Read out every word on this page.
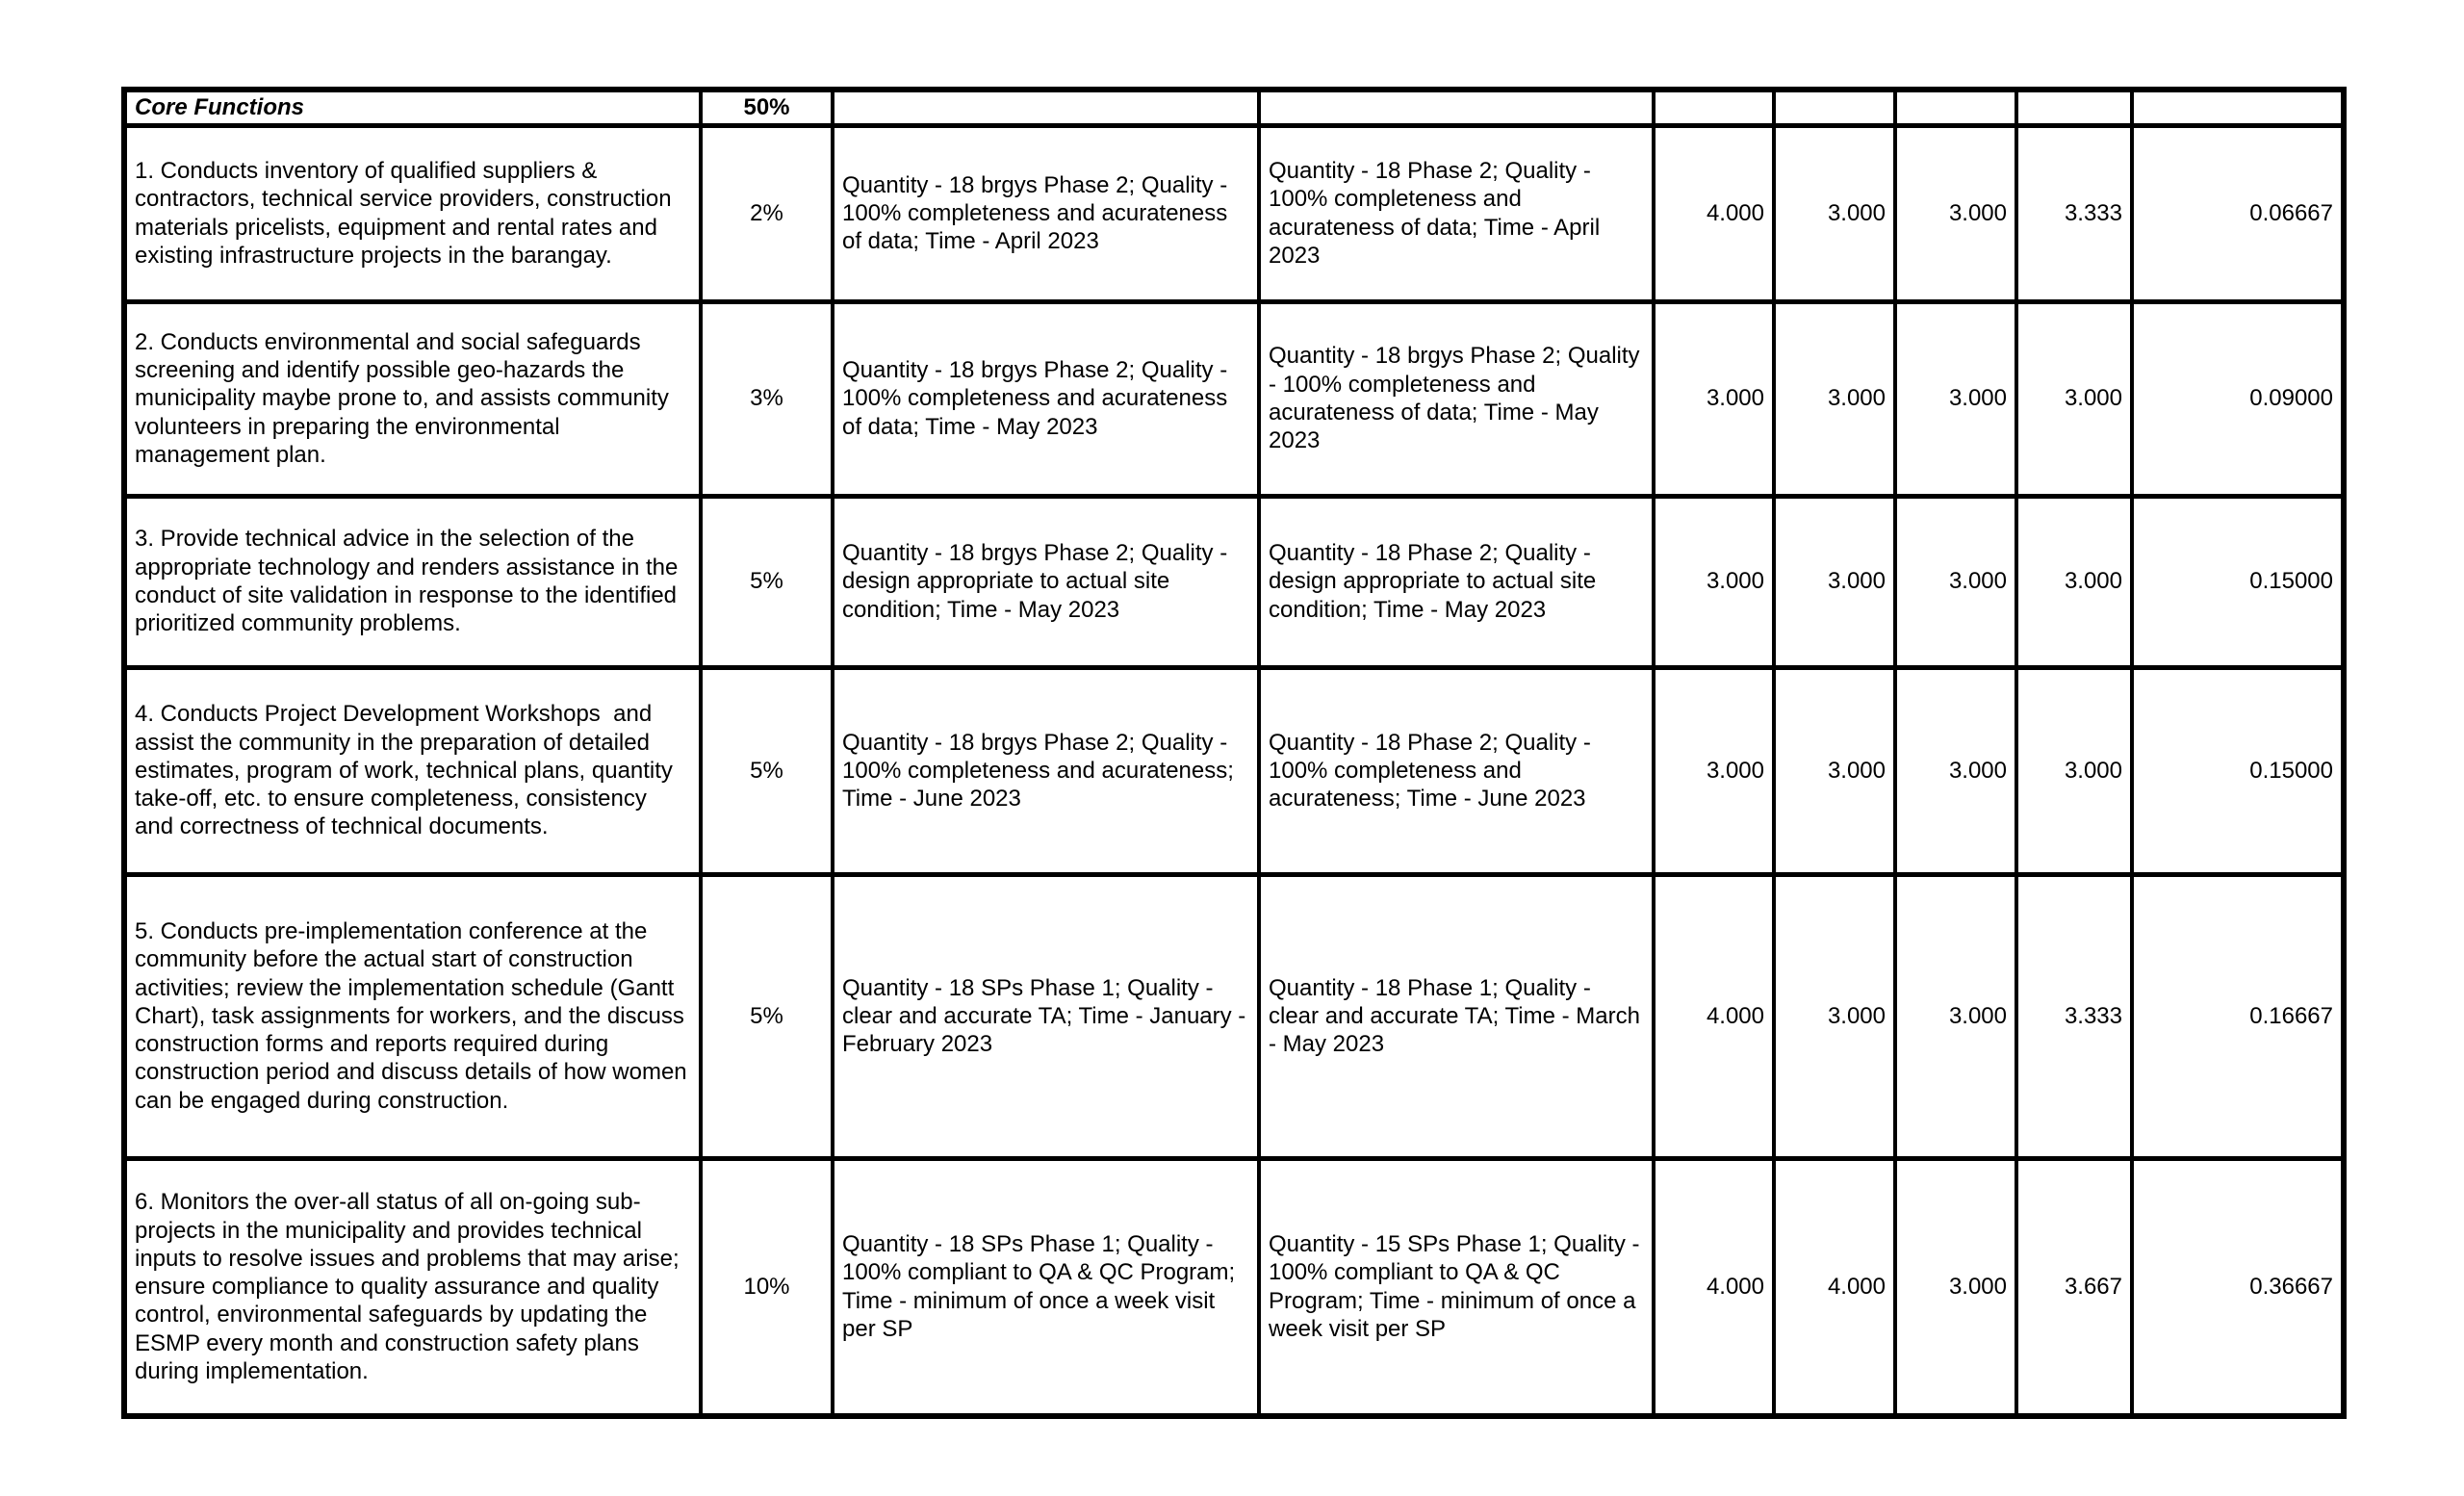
Core Functions	50%							
1. Conducts inventory of qualified suppliers & contractors, technical service providers, construction materials pricelists, equipment and rental rates and existing infrastructure projects in the barangay.	2%	Quantity - 18 brgys Phase 2; Quality - 100% completeness and acurateness of data; Time - April 2023	Quantity - 18 Phase 2; Quality - 100% completeness and acurateness of data; Time - April 2023	4.000	3.000	3.000	3.333	0.06667
2. Conducts environmental and social safeguards screening and identify possible geo-hazards the municipality maybe prone to, and assists community volunteers in preparing the environmental management plan.	3%	Quantity - 18 brgys Phase 2; Quality - 100% completeness and acurateness of data; Time - May 2023	Quantity - 18 brgys Phase 2; Quality - 100% completeness and acurateness of data; Time - May 2023	3.000	3.000	3.000	3.000	0.09000
3. Provide technical advice in the selection of the appropriate technology and renders assistance in the conduct of site validation in response to the identified prioritized community problems.	5%	Quantity - 18 brgys Phase 2; Quality - design appropriate to actual site condition; Time - May 2023	Quantity - 18 Phase 2; Quality - design appropriate to actual site condition; Time - May 2023	3.000	3.000	3.000	3.000	0.15000
4. Conducts Project Development Workshops  and assist the community in the preparation of detailed estimates, program of work, technical plans, quantity take-off, etc. to ensure completeness, consistency and correctness of technical documents.	5%	Quantity - 18 brgys Phase 2; Quality - 100% completeness and acurateness; Time - June 2023	Quantity - 18 Phase 2; Quality - 100% completeness and acurateness; Time - June 2023	3.000	3.000	3.000	3.000	0.15000
5. Conducts pre-implementation conference at the community before the actual start of construction activities; review the implementation schedule (Gantt Chart), task assignments for workers, and the discuss construction forms and reports required during construction period and discuss details of how women can be engaged during construction.	5%	Quantity - 18 SPs Phase 1; Quality - clear and accurate TA; Time - January - February 2023	Quantity - 18 Phase 1; Quality - clear and accurate TA; Time - March - May 2023	4.000	3.000	3.000	3.333	0.16667
6. Monitors the over-all status of all on-going sub-projects in the municipality and provides technical inputs to resolve issues and problems that may arise; ensure compliance to quality assurance and quality control, environmental safeguards by updating the ESMP every month and construction safety plans during implementation.	10%	Quantity - 18 SPs Phase 1; Quality - 100% compliant to QA & QC Program; Time - minimum of once a week visit per SP	Quantity - 15 SPs Phase 1; Quality - 100% compliant to QA & QC Program; Time - minimum of once a week visit per SP	4.000	4.000	3.000	3.667	0.36667
